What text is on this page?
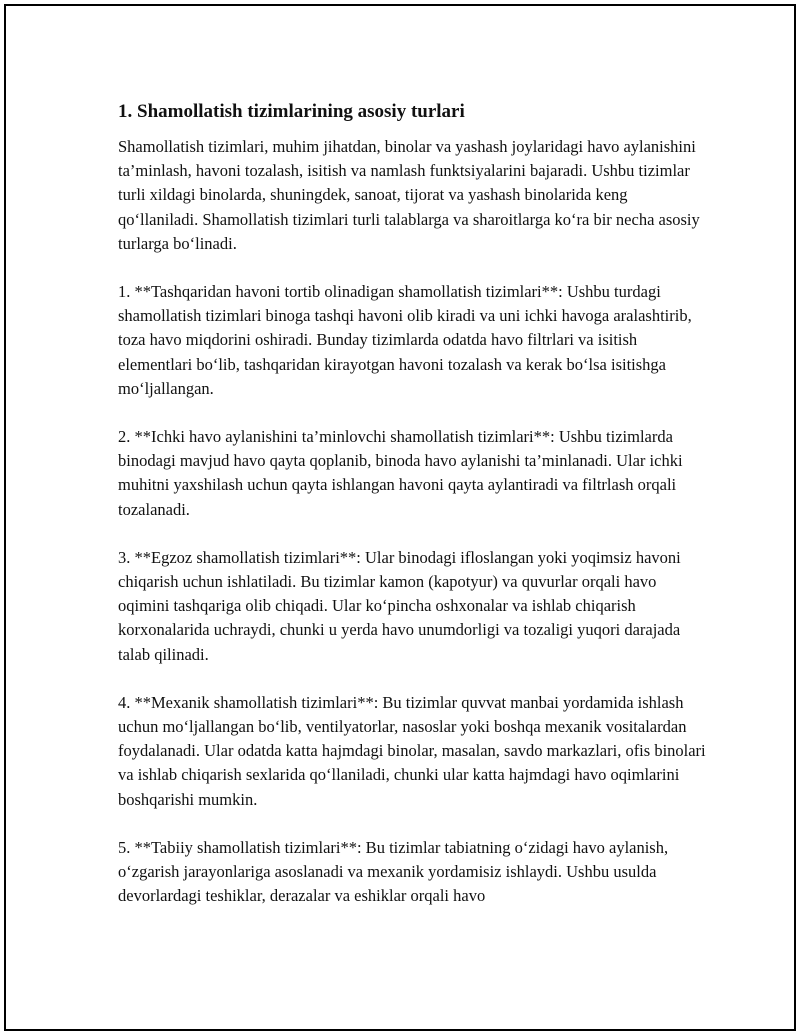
1. Shamollatish tizimlarining asosiy turlari

Shamollatish tizimlari, muhim jihatdan, binolar va yashash joylaridagi havo aylanishini ta’minlash, havoni tozalash, isitish va namlash funktsiyalarini bajaradi. Ushbu tizimlar turli xildagi binolarda, shuningdek, sanoat, tijorat va yashash binolarida keng qo‘llaniladi. Shamollatish tizimlari turli talablarga va sharoitlarga ko‘ra bir necha asosiy turlarga bo‘linadi.

1. **Tashqaridan havoni tortib olinadigan shamollatish tizimlari**: Ushbu turdagi shamollatish tizimlari binoga tashqi havoni olib kiradi va uni ichki havoga aralashtirib, toza havo miqdorini oshiradi. Bunday tizimlarda odatda havo filtrlari va isitish elementlari bo‘lib, tashqaridan kirayotgan havoni tozalash va kerak bo‘lsa isitishga mo‘ljallangan.

2. **Ichki havo aylanishini ta’minlovchi shamollatish tizimlari**: Ushbu tizimlarda binodagi mavjud havo qayta qoplanib, binoda havo aylanishi ta’minlanadi. Ular ichki muhitni yaxshilash uchun qayta ishlangan havoni qayta aylantiradi va filtrlash orqali tozalanadi.

3. **Egzoz shamollatish tizimlari**: Ular binodagi ifloslangan yoki yoqimsiz havoni chiqarish uchun ishlatiladi. Bu tizimlar kamon (kapotyur) va quvurlar orqali havo oqimini tashqariga olib chiqadi. Ular ko‘pincha oshxonalar va ishlab chiqarish korxonalarida uchraydi, chunki u yerda havo unumdorligi va tozaligi yuqori darajada talab qilinadi.

4. **Mexanik shamollatish tizimlari**: Bu tizimlar quvvat manbai yordamida ishlash uchun mo‘ljallangan bo‘lib, ventilyatorlar, nasoslar yoki boshqa mexanik vositalardan foydalanadi. Ular odatda katta hajmdagi binolar, masalan, savdo markazlari, ofis binolari va ishlab chiqarish sexlarida qo‘llaniladi, chunki ular katta hajmdagi havo oqimlarini boshqarishi mumkin.

5. **Tabiiy shamollatish tizimlari**: Bu tizimlar tabiatning o‘zidagi havo aylanish, o‘zgarish jarayonlariga asoslanadi va mexanik yordamisiz ishlaydi. Ushbu usulda devorlardagi teshiklar, derazalar va eshiklar orqali havo
